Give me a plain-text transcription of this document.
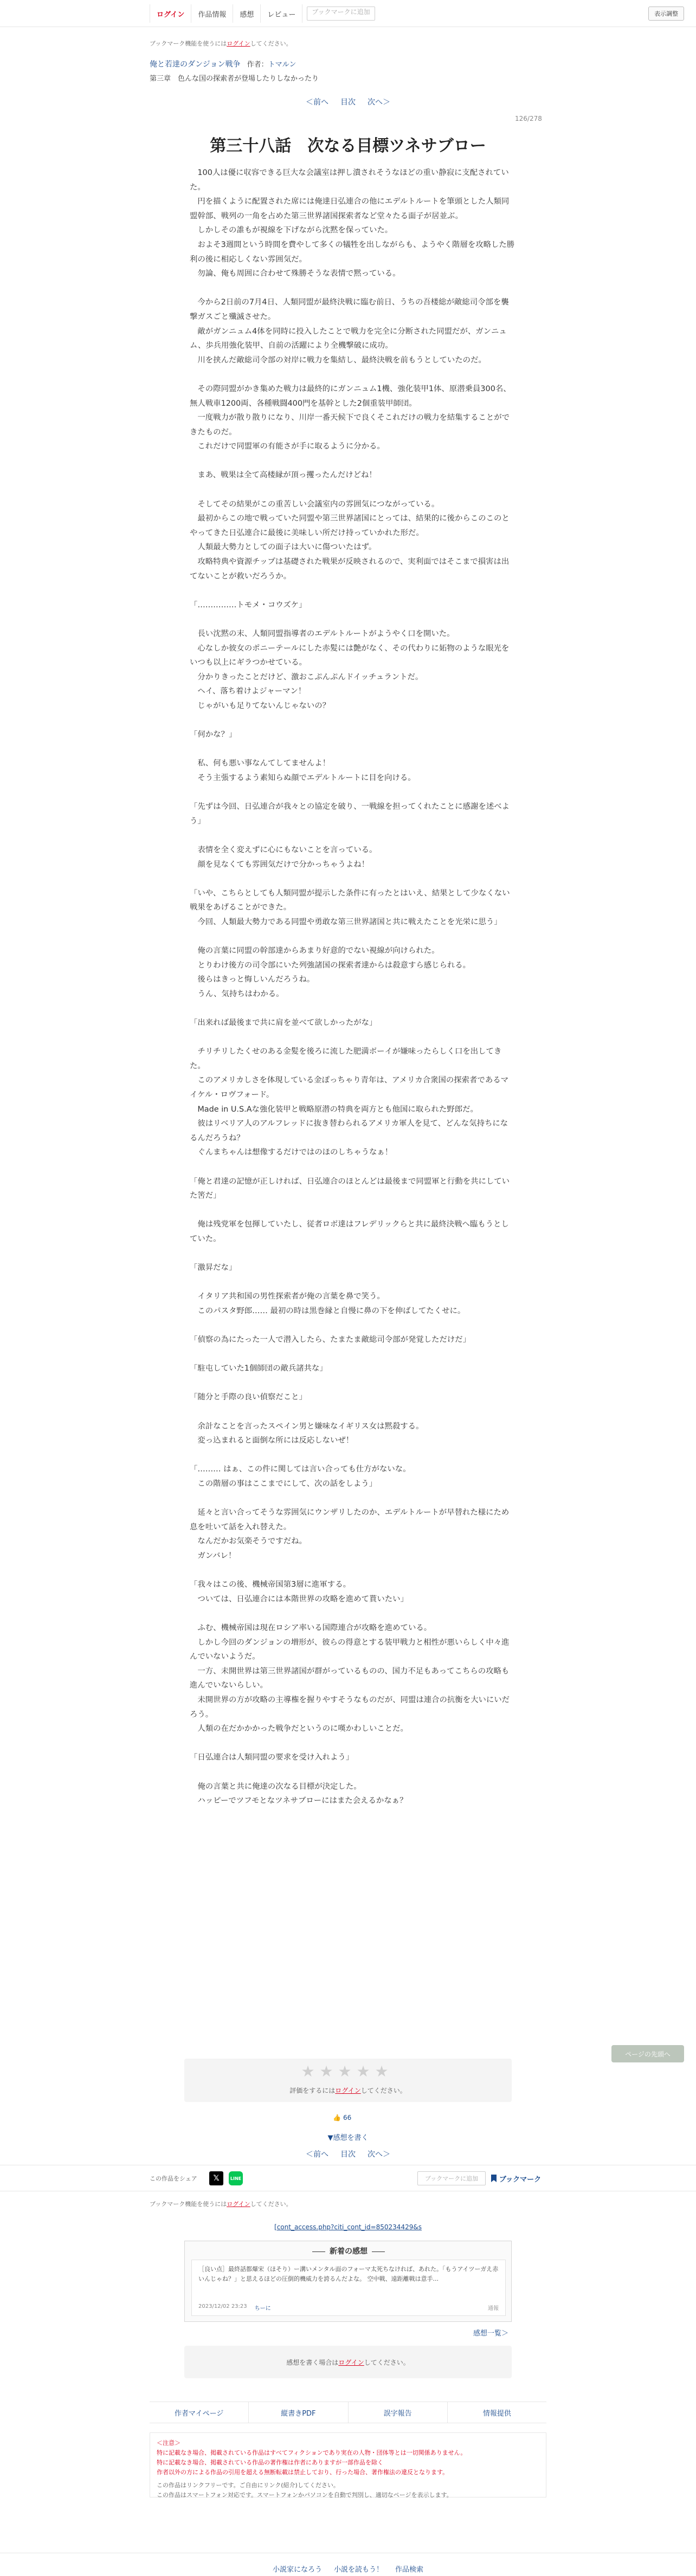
ログイン	作品情報	感想	レビュー	ブックマークに追加	表示調整
ブックマーク機能を使うにはログインしてください。
俺と若達のダンジョン戦争 作者：トマルン
第三章　色んな国の探索者が登場したりしなかったり
＜前へ 目次 次へ＞
126/278
第三十八話　次なる目標ツネサブロー

　100人は優に収容できる巨大な会議室は押し潰されそうなほどの重い静寂に支配されていた。

　円を描くように配置された席には俺達日弘連合の他にエデルトルートを筆頭とした人類同盟幹部、戦列の一角を占めた第三世界諸国探索者など堂々たる面子が居並ぶ。

　しかしその誰もが視線を下げながら沈黙を保っていた。

　およそ3週間という時間を費やして多くの犠牲を出しながらも、ようやく階層を攻略した勝利の後に相応しくない雰囲気だ。

　勿論、俺も周囲に合わせて殊勝そうな表情で黙っている。

　今から2日前の7月4日、人類同盟が最終決戦に臨む前日、うちの吾楼総が敵総司令部を襲撃ガスごと殲滅させた。

　敵がガンニュム4体を同時に投入したことで戦力を完全に分断された同盟だが、ガンニュム、歩兵用強化装甲、自前の活躍により全機撃破に成功。

　川を挟んだ敵総司令部の対岸に戦力を集結し、最終決戦を前もうとしていたのだ。

　その際同盟がかき集めた戦力は最終的にガンニュム1機、強化装甲1体、原潜乗員300名、無人戦車1200両、各種戦闘400門を基幹とした2個重装甲師団。

　一度戦力が散り散りになり、川岸一番天候下で良くそこれだけの戦力を結集することができたものだ。

　これだけで同盟軍の有能さが手に取るように分かる。

　まあ、戦果は全て高楼縁が頂っ攫ったんだけどね！

　そしてその結果がこの重苦しい会議室内の雰囲気につながっている。

　最初からこの地で戦っていた同盟や第三世界諸国にとっては、結果的に後からこのこのとやってきた日弘連合に最後に美味しい所だけ持っていかれた形だ。

　人類最大勢力としての面子は大いに傷ついたはず。

　攻略特典や資源チップは基礎された戦果が反映されるので、実利面ではそこまで損害は出てないことが救いだろうか。

「……………トモメ・コウズケ」

　長い沈黙の末、人類同盟指導者のエデルトルートがようやく口を開いた。

　心なしか彼女のポニーテールにした赤髪には艶がなく、その代わりに妬物のような眼光をいつも以上にギラつかせている。

　分かりきったことだけど、激おこぷんぷんドイッチュラントだ。

　ヘイ、落ち着けよジャーマン！

　じゃがいも足りてないんじゃないの？

「何かな？」

　私、何も悪い事なんてしてませんよ！

　そう主張するよう素知らぬ顔でエデルトルートに目を向ける。

「先ずは今回、日弘連合が我々との協定を破り、一戦線を担ってくれたことに感謝を述べよう」

　表情を全く変えずに心にもないことを言っている。

　顔を見なくても雰囲気だけで分かっちゃうよね！

「いや、こちらとしても人類同盟が提示した条件に有ったとはいえ、結果として少なくない戦果をあげることができた。

　今回、人類最大勢力である同盟や勇敢な第三世界諸国と共に戦えたことを光栄に思う」

　俺の言葉に同盟の幹部達からあまり好意的でない視線が向けられた。

　とりわけ後方の司令部にいた列強諸国の探索者達からは殺意すら感じられる。

　後らはきっと悔しいんだろうね。

　うん、気持ちはわかる。

「出来れば最後まで共に肩を並べて欲しかったがな」

　チリチリしたくせのある金髪を後ろに流した肥満ボーイが嫌味ったらしく口を出してきた。

　このアメリカしさを体現している金ぽっちゃり青年は、アメリカ合衆国の探索者であるマイケル・ロヴフォード。

　Made in U.S.Aな強化装甲と戦略原潜の特典を両方とも他国に取られた野郎だ。

　彼はリベリア人のアルフレッドに抜き替わられるアメリカ軍人を見て、どんな気持ちになるんだろうね？

　ぐんまちゃんは想像するだけではのほのしちゃうなぁ！

「俺と君達の記憶が正しければ、日弘連合のほとんどは最後まで同盟軍と行動を共にしていた筈だ」

　俺は残党軍を包揮していたし、従者ロボ達はフレデリックらと共に最終決戦へ臨もうとしていた。

「激昇だな」

　イタリア共和国の男性探索者が俺の言葉を鼻で笑う。

　このパスタ野郎…… 最初の時は黒巻縁と自慢に鼻の下を伸ばしてたくせに。

「偵察の為にたった一人で潜入したら、たまたま敵総司令部が発覚しただけだ」

「駐屯していた1個師団の敵兵諸共な」

「随分と手際の良い偵察だこと」

　余計なことを言ったスペイン男と嫌味なイギリス女は黙殺する。

　変っ込まれると面倒な所には反応しないぜ！

「……… はぁ、この件に関しては言い合っても仕方がないな。

　この階層の事はここまでにして、次の話をしよう」

　延々と言い合ってそうな雰囲気にウンザリしたのか、エデルトルートが早替れた様にため息を吐いて話を入れ替えた。

　なんだかお気楽そうですだね。

　ガンバレ！

「我々はこの後、機械帝国第3層に進軍する。

　ついては、日弘連合には本階世界の攻略を進めて貰いたい」

　ふむ、機械帝国は現在ロシア率いる国際連合が攻略を進めている。

　しかし今回のダンジョンの増形が、彼らの得意とする装甲戦力と相性が悪いらしく中々進んでいないようだ。

　一方、未開世界は第三世界諸国が群がっているものの、国力不足もあってこちらの攻略も進んでいないらしい。

　未開世界の方が攻略の主導権を握りやすそうなものだが、同盟は連合の抗衡を大いにいだろう。

　人類の在だかかかった戦争だというのに嘆かわしいことだ。

「日弘連合は人類同盟の要求を受け入れよう」

　俺の言葉と共に俺達の次なる目標が決定した。

　ハッピーでツフモとなツネサブローにはまた会えるかなぁ？

ページの先頭へ
★ ★ ★ ★ ★
評価をするにはログインしてください。
👍 66
▼感想を書く
＜前へ 目次 次へ＞
この作品をシェア	𝕏	LINE	ブックマークに追加	ブックマーク
ブックマーク機能を使うにはログインしてください。
[cont_access.php?citi_cont_id=850234429&s
新着の感想
［良い点］最終話都爆宋（ほそり）ー溝いメンタル面のフォーマ太死ちなければ、あれた。「もうアイツーガえ赤いんじゃね？」と思えるほどの圧倒的機威力を誇るんだよな。 空中戦、遠距離戦は意手...
2023/12/02 23:23 ちーに	通報
感想一覧＞
感想を書く場合は ログイン してください。
作者マイページ	縦書きPDF	誤字報告	情報提供
＜注意＞
特に記載なき場合、掲載されている作品はすべてフィクションであり実在の人物・団体等とは一切関係ありません。
特に記載なき場合、掲載されている作品の著作権は作者にありますが一部作品を除く
作者以外の方による作品の引用を超える無断転載は禁止しており、行った場合、著作権法の違反となります。
この作品はリンクフリーです。ご自由にリンク(紹介)してください。
この作品はスマートフォン対応です。スマートフォンかパソコンを自動で判別し、適切なページを表示します。
小説家になろう 小説を読もう！ 作品検索
